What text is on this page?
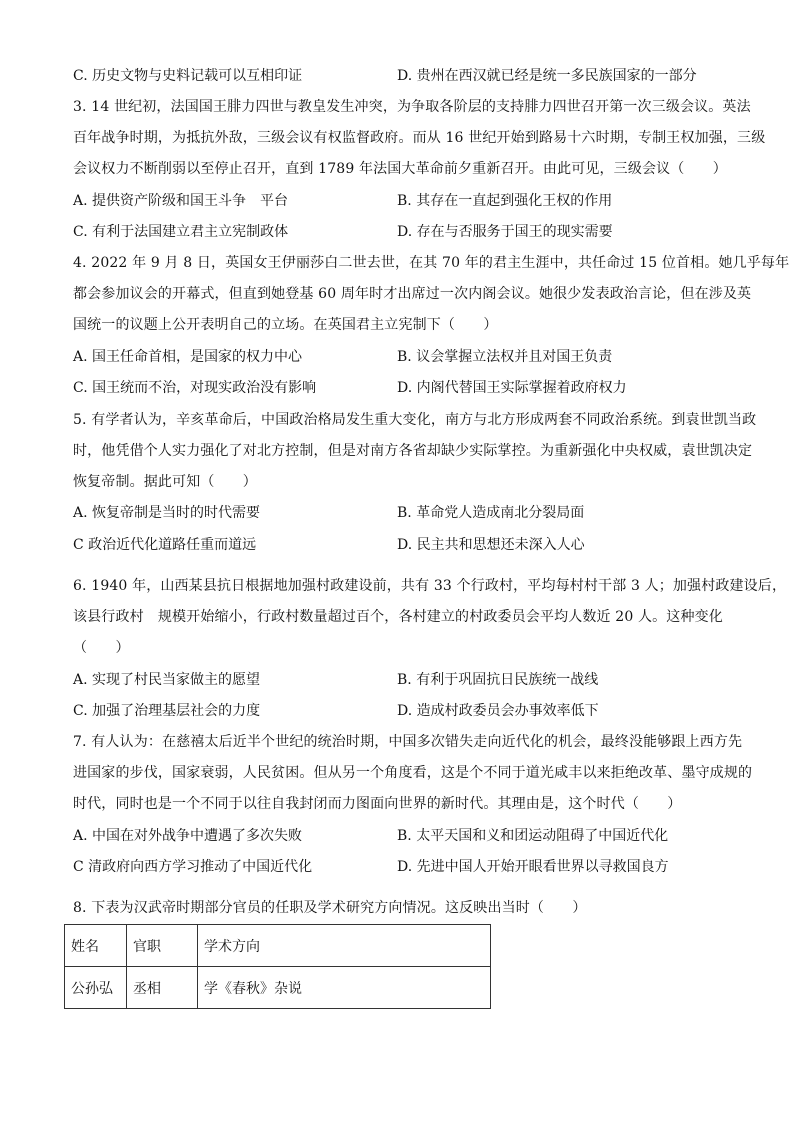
C. 历史文物与史料记载可以互相印证	D. 贵州在西汉就已经是统一多民族国家的一部分
3. 14 世纪初，法国国王腓力四世与教皇发生冲突，为争取各阶层的支持腓力四世召开第一次三级会议。英法
百年战争时期，为抵抗外敌，三级会议有权监督政府。而从 16 世纪开始到路易十六时期，专制王权加强，三级
会议权力不断削弱以至停止召开，直到 1789 年法国大革命前夕重新召开。由此可见，三级会议（　　）
A. 提供资产阶级和国王斗争　平台	B. 其存在一直起到强化王权的作用
C. 有利于法国建立君主立宪制政体	D. 存在与否服务于国王的现实需要
4. 2022 年 9 月 8 日，英国女王伊丽莎白二世去世，在其 70 年的君主生涯中，共任命过 15 位首相。她几乎每年
都会参加议会的开幕式，但直到她登基 60 周年时才出席过一次内阁会议。她很少发表政治言论，但在涉及英
国统一的议题上公开表明自己的立场。在英国君主立宪制下（　　）
A. 国王任命首相，是国家的权力中心	B. 议会掌握立法权并且对国王负责
C. 国王统而不治，对现实政治没有影响	D. 内阁代替国王实际掌握着政府权力
5. 有学者认为，辛亥革命后，中国政治格局发生重大变化，南方与北方形成两套不同政治系统。到袁世凯当政
时，他凭借个人实力强化了对北方控制，但是对南方各省却缺少实际掌控。为重新强化中央权威，袁世凯决定
恢复帝制。据此可知（　　）
A. 恢复帝制是当时的时代需要	B. 革命党人造成南北分裂局面
C 政治近代化道路任重而道远	D. 民主共和思想还未深入人心
6. 1940 年，山西某县抗日根据地加强村政建设前，共有 33 个行政村，平均每村村干部 3 人；加强村政建设后，
该县行政村　规模开始缩小，行政村数量超过百个，各村建立的村政委员会平均人数近 20 人。这种变化
（　　）
A. 实现了村民当家做主的愿望	B. 有利于巩固抗日民族统一战线
C. 加强了治理基层社会的力度	D. 造成村政委员会办事效率低下
7. 有人认为：在慈禧太后近半个世纪的统治时期，中国多次错失走向近代化的机会，最终没能够跟上西方先
进国家的步伐，国家衰弱，人民贫困。但从另一个角度看，这是个不同于道光咸丰以来拒绝改革、墨守成规的
时代，同时也是一个不同于以往自我封闭而力图面向世界的新时代。其理由是，这个时代（　　）
A. 中国在对外战争中遭遇了多次失败	B. 太平天国和义和团运动阻碍了中国近代化
C 清政府向西方学习推动了中国近代化	D. 先进中国人开始开眼看世界以寻救国良方
8. 下表为汉武帝时期部分官员的任职及学术研究方向情况。这反映出当时（　　）
姓名	官职	学术方向
公孙弘	丞相	学《春秋》杂说
